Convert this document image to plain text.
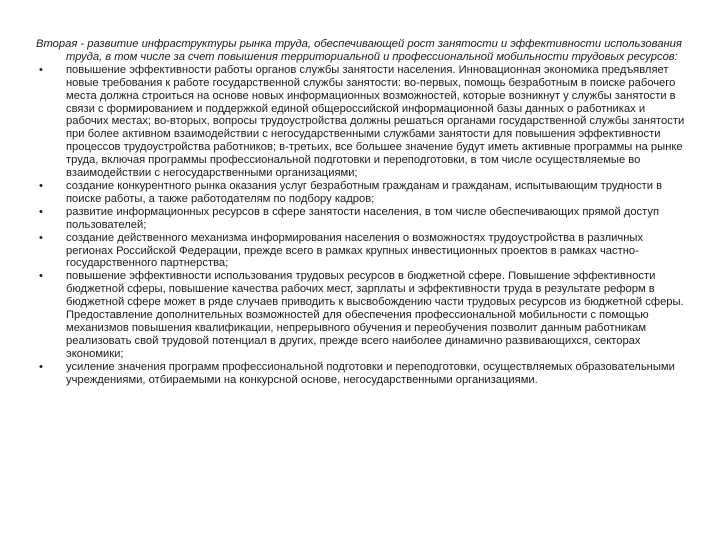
Вторая - развитие инфраструктуры рынка труда, обеспечивающей рост занятости и эффективности использования труда, в том числе за счет повышения территориальной и профессиональной мобильности трудовых ресурсов:

• повышение эффективности работы органов службы занятости населения. Инновационная экономика предъявляет новые требования к работе государственной службы занятости: во-первых, помощь безработным в поиске рабочего места должна строиться на основе новых информационных возможностей, которые возникнут у службы занятости в связи с формированием и поддержкой единой общероссийской информационной базы данных о работниках и рабочих местах; во-вторых, вопросы трудоустройства должны решаться органами государственной службы занятости при более активном взаимодействии с негосударственными службами занятости для повышения эффективности процессов трудоустройства работников; в-третьих, все большее значение будут иметь активные программы на рынке труда, включая программы профессиональной подготовки и переподготовки, в том числе осуществляемые во взаимодействии с негосударственными организациями;
• создание конкурентного рынка оказания услуг безработным гражданам и гражданам, испытывающим трудности в поиске работы, а также работодателям по подбору кадров;
• развитие информационных ресурсов в сфере занятости населения, в том числе обеспечивающих прямой доступ пользователей;
• создание действенного механизма информирования населения о возможностях трудоустройства в различных регионах Российской Федерации, прежде всего в рамках крупных инвестиционных проектов в рамках частно-государственного партнерства;
• повышение эффективности использования трудовых ресурсов в бюджетной сфере. Повышение эффективности бюджетной сферы, повышение качества рабочих мест, зарплаты и эффективности труда в результате реформ в бюджетной сфере может в ряде случаев приводить к высвобождению части трудовых ресурсов из бюджетной сферы. Предоставление дополнительных возможностей для обеспечения профессиональной мобильности с помощью механизмов повышения квалификации, непрерывного обучения и переобучения позволит данным работникам реализовать свой трудовой потенциал в других, прежде всего наиболее динамично развивающихся, секторах экономики;
• усиление значения программ профессиональной подготовки и переподготовки, осуществляемых образовательными учреждениями, отбираемыми на конкурсной основе, негосударственными организациями.
